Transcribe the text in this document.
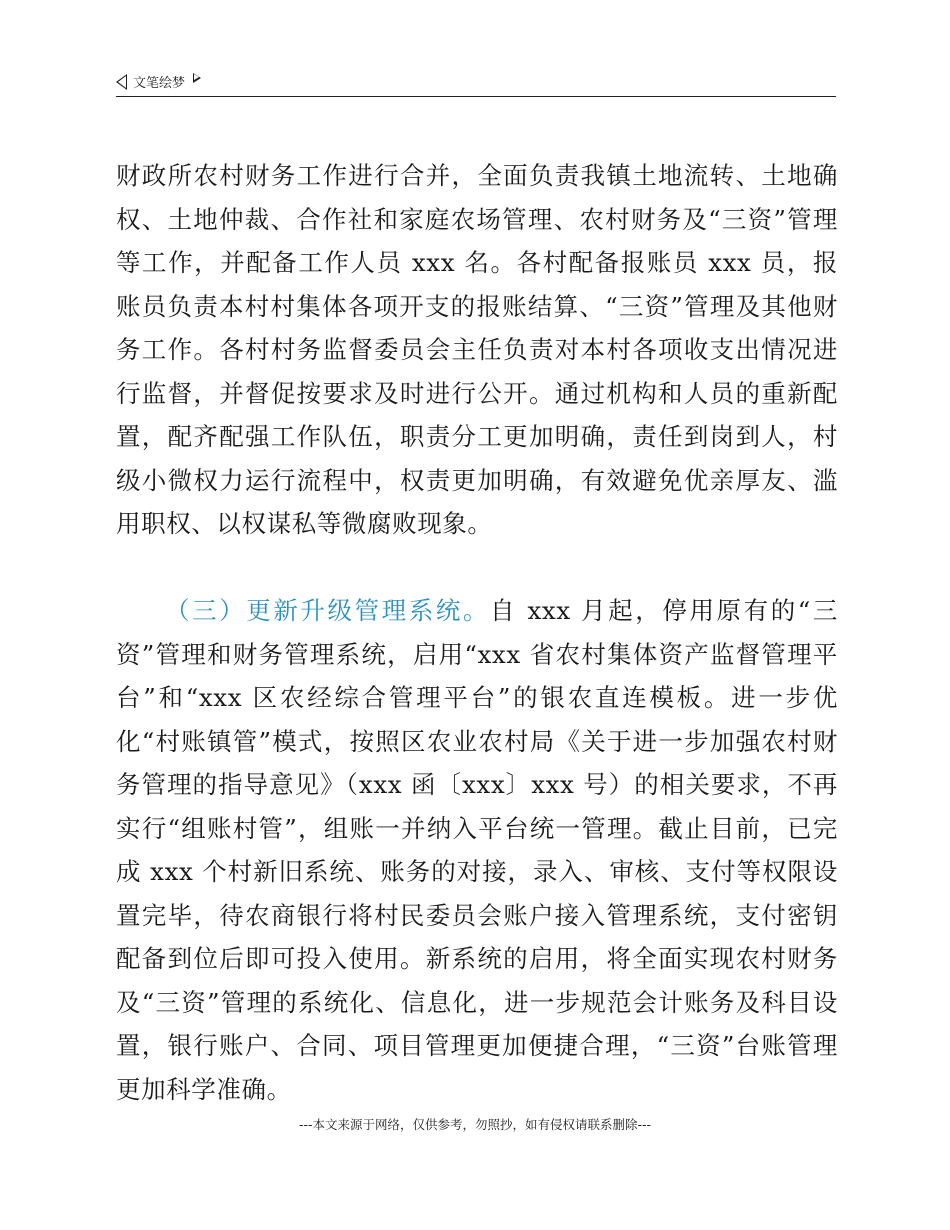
文笔绘梦

财政所农村财务工作进行合并，全面负责我镇土地流转、土地确权、土地仲裁、合作社和家庭农场管理、农村财务及“三资”管理等工作，并配备工作人员 xxx 名。各村配备报账员 xxx 员，报账员负责本村村集体各项开支的报账结算、“三资”管理及其他财务工作。各村村务监督委员会主任负责对本村各项收支出情况进行监督，并督促按要求及时进行公开。通过机构和人员的重新配置，配齐配强工作队伍，职责分工更加明确，责任到岗到人，村级小微权力运行流程中，权责更加明确，有效避免优亲厚友、滥用职权、以权谋私等微腐败现象。

（三）更新升级管理系统。自 xxx 月起，停用原有的“三资”管理和财务管理系统，启用“xxx 省农村集体资产监督管理平台”和“xxx 区农经综合管理平台”的银农直连模板。进一步优化“村账镇管”模式，按照区农业农村局《关于进一步加强农村财务管理的指导意见》（xxx 函〔xxx〕xxx 号）的相关要求，不再实行“组账村管”，组账一并纳入平台统一管理。截止目前，已完成 xxx 个村新旧系统、账务的对接，录入、审核、支付等权限设置完毕，待农商银行将村民委员会账户接入管理系统，支付密钥配备到位后即可投入使用。新系统的启用，将全面实现农村财务及“三资”管理的系统化、信息化，进一步规范会计账务及科目设置，银行账户、合同、项目管理更加便捷合理，“三资”台账管理更加科学准确。

---本文来源于网络，仅供参考，勿照抄，如有侵权请联系删除---
